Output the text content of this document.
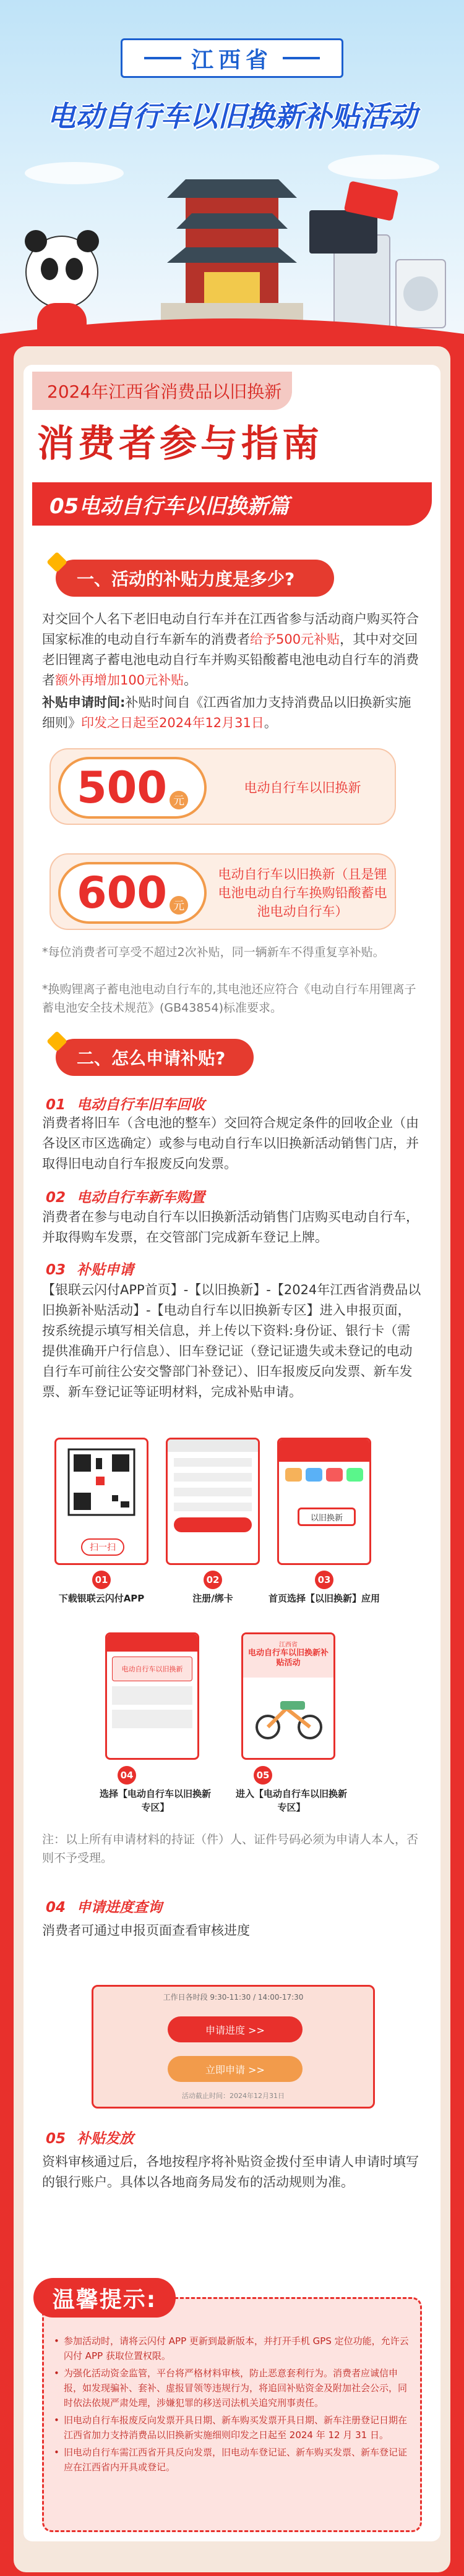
江西省
电动自行车以旧换新补贴活动
2024年江西省消费品以旧换新
消费者参与指南
05电动自行车以旧换新篇
一、活动的补贴力度是多少?
对交回个人名下老旧电动自行车并在江西省参与活动商户购买符合国家标准的电动自行车新车的消费者给予500元补贴，其中对交回老旧锂离子蓄电池电动自行车并购买铅酸蓄电池电动自行车的消费者额外再增加100元补贴。
补贴申请时间:补贴时间自《江西省加力支持消费品以旧换新实施细则》印发之日起至2024年12月31日。
500 元
电动自行车以旧换新
600 元
电动自行车以旧换新（且是锂电池电动自行车换购铅酸蓄电池电动自行车）
*每位消费者可享受不超过2次补贴，同一辆新车不得重复享补贴。
*换购锂离子蓄电池电动自行车的,其电池还应符合《电动自行车用锂离子蓄电池安全技术规范》(GB43854)标准要求。
二、怎么申请补贴?
01 电动自行车旧车回收
消费者将旧车（含电池的整车）交回符合规定条件的回收企业（由各设区市区选确定）或参与电动自行车以旧换新活动销售门店，并取得旧电动自行车报废反向发票。
02 电动自行车新车购置
消费者在参与电动自行车以旧换新活动销售门店购买电动自行车，并取得购车发票，在交管部门完成新车登记上牌。
03 补贴申请
【银联云闪付APP首页】-【以旧换新】-【2024年江西省消费品以旧换新补贴活动】-【电动自行车以旧换新专区】进入申报页面，按系统提示填写相关信息，并上传以下资料:身份证、银行卡（需提供准确开户行信息）、旧车登记证（登记证遗失或未登记的电动自行车可前往公安交警部门补登记）、旧车报废反向发票、新车发票、新车登记证等证明材料，完成补贴申请。
扫一扫
以旧换新
01	02	03
下载银联云闪付APP	注册/绑卡	首页选择【以旧换新】应用
电动自行车以旧换新
江西省
电动自行车以旧换新补贴活动
04	05
选择【电动自行车以旧换新专区】
进入【电动自行车以旧换新专区】
注：以上所有申请材料的持证（件）人、证件号码必须为申请人本人，否则不予受理。
04 申请进度查询
消费者可通过申报页面查看审核进度
工作日各时段 9:30-11:30 / 14:00-17:30
申请进度 >>
立即申请 >>
活动截止时间：2024年12月31日
05 补贴发放
资料审核通过后，各地按程序将补贴资金拨付至申请人申请时填写的银行账户。具体以各地商务局发布的活动规则为准。
• 参加活动时，请将云闪付 APP 更新到最新版本，并打开手机 GPS 定位功能，允许云闪付 APP 获取位置权限。
• 为强化活动资金监管，平台将严格材料审核，防止恶意套利行为。消费者应诚信申报，如发现骗补、套补、虚报冒领等违规行为，将追回补贴资金及附加社会公示，同时依法依规严肃处理，涉嫌犯罪的移送司法机关追究刑事责任。
• 旧电动自行车报废反向发票开具日期、新车购买发票开具日期、新车注册登记日期在江西省加力支持消费品以旧换新实施细则印发之日起至 2024 年 12 月 31 日。
• 旧电动自行车需江西省开具反向发票，旧电动车登记证、新车购买发票、新车登记证应在江西省内开具或登记。
温馨提示:
